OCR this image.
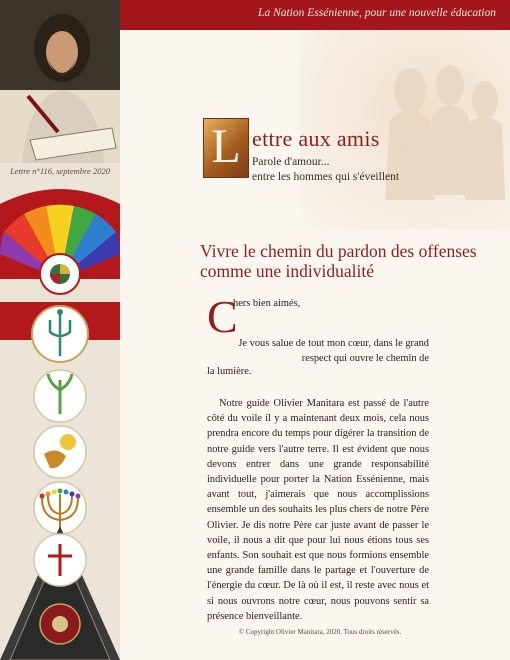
Lettre n°116, septembre 2020
La Nation Essénienne, pour une nouvelle éducation
L ettre aux amis
Parole d'amour...
entre les hommes qui s'éveillent
Vivre le chemin du pardon des offenses comme une individualité
C
hers bien aimés,
Je vous salue de tout mon cœur, dans le grand respect qui ouvre le chemin de
la lumière.
Notre guide Olivier Manitara est passé de l'autre côté du voile il y a maintenant deux mois, cela nous prendra encore du temps pour digérer la transition de notre guide vers l'autre terre. Il est évident que nous devons entrer dans une grande responsabilité individuelle pour porter la Nation Essénienne, mais avant tout, j'aimerais que nous accomplissions ensemble un des souhaits les plus chers de notre Père Olivier. Je dis notre Père car juste avant de passer le voile, il nous a dit que pour lui nous étions tous ses enfants. Son souhait est que nous formions ensemble une grande famille dans le partage et l'ouverture de l'énergie du cœur. De là où il est, il reste avec nous et si nous ouvrons notre cœur, nous pouvons sentir sa présence bienveillante.
© Copyright Olivier Manitara, 2020. Tous droits réservés.
